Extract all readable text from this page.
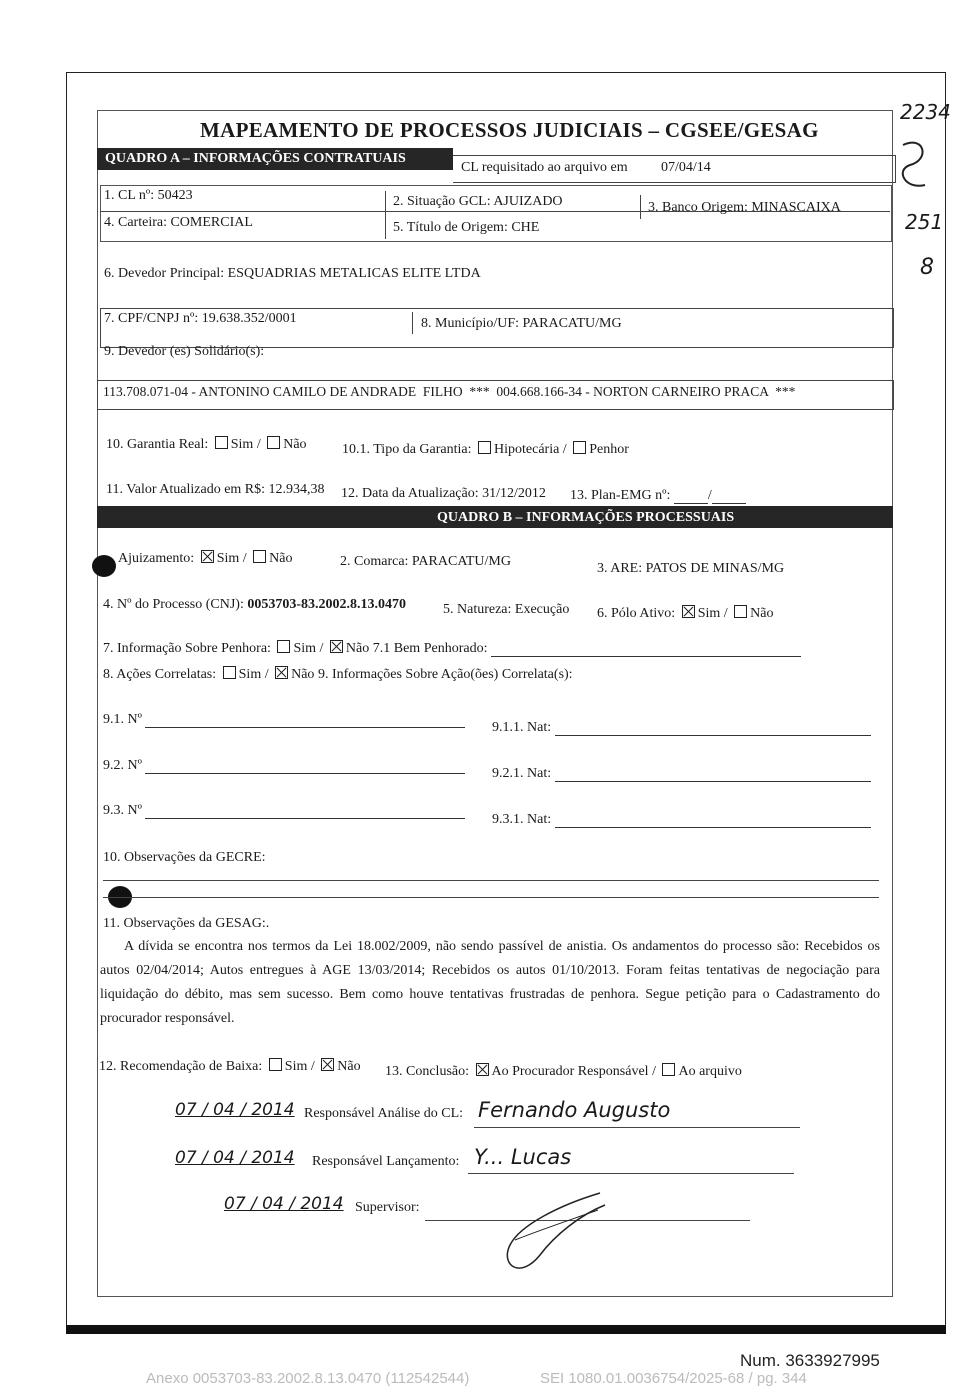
2234
251
8
MAPEAMENTO DE PROCESSOS JUDICIAIS – CGSEE/GESAG
QUADRO A – INFORMAÇÕES CONTRATUAIS
CL requisitado ao arquivo em 07/04/14
1. CL nº: 50423	2. Situação GCL: AJUIZADO	3. Banco Origem: MINASCAIXA
4. Carteira: COMERCIAL	5. Título de Origem: CHE
6. Devedor Principal: ESQUADRIAS METALICAS ELITE LTDA
7. CPF/CNPJ nº: 19.638.352/0001	8. Município/UF: PARACATU/MG
9. Devedor (es) Solidário(s):
113.708.071-04 - ANTONINO CAMILO DE ANDRADE  FILHO  ***  004.668.166-34 - NORTON CARNEIRO PRACA  ***
10. Garantia Real: Sim / Não	10.1. Tipo da Garantia: Hipotecária / Penhor
11. Valor Atualizado em R$: 12.934,38 12. Data da Atualização: 31/12/2012 13. Plan-EMG nº:	/
QUADRO B – INFORMAÇÕES PROCESSUAIS
Ajuizamento: Sim / Não	2. Comarca: PARACATU/MG	3. ARE: PATOS DE MINAS/MG
4. Nº do Processo (CNJ): 0053703-83.2002.8.13.0470	5. Natureza: Execução 6. Pólo Ativo: Sim / Não
7. Informação Sobre Penhora: Sim / Não 7.1 Bem Penhorado:
8. Ações Correlatas: Sim / Não 9. Informações Sobre Ação(ões) Correlata(s):
9.1. Nº
9.1.1. Nat:
9.2. Nº
9.2.1. Nat:
9.3. Nº
9.3.1. Nat:
10. Observações da GECRE:
11. Observações da GESAG:.
A dívida se encontra nos termos da Lei 18.002/2009, não sendo passível de anistia. Os andamentos do processo são: Recebidos os autos 02/04/2014; Autos entregues à AGE 13/03/2014; Recebidos os autos 01/10/2013. Foram feitas tentativas de negociação para liquidação do débito, mas sem sucesso. Bem como houve tentativas frustradas de penhora. Segue petição para o Cadastramento do procurador responsável.
12. Recomendação de Baixa: Sim / Não 13. Conclusão: Ao Procurador Responsável / Ao arquivo
07 / 04 / 2014 Responsável Análise do CL: Fernando Augusto
07 / 04 / 2014 Responsável Lançamento: Y... Lucas
07 / 04 / 2014 Supervisor:
Num. 3633927995
Anexo 0053703-83.2002.8.13.0470 (112542544)	SEI 1080.01.0036754/2025-68 / pg. 344
